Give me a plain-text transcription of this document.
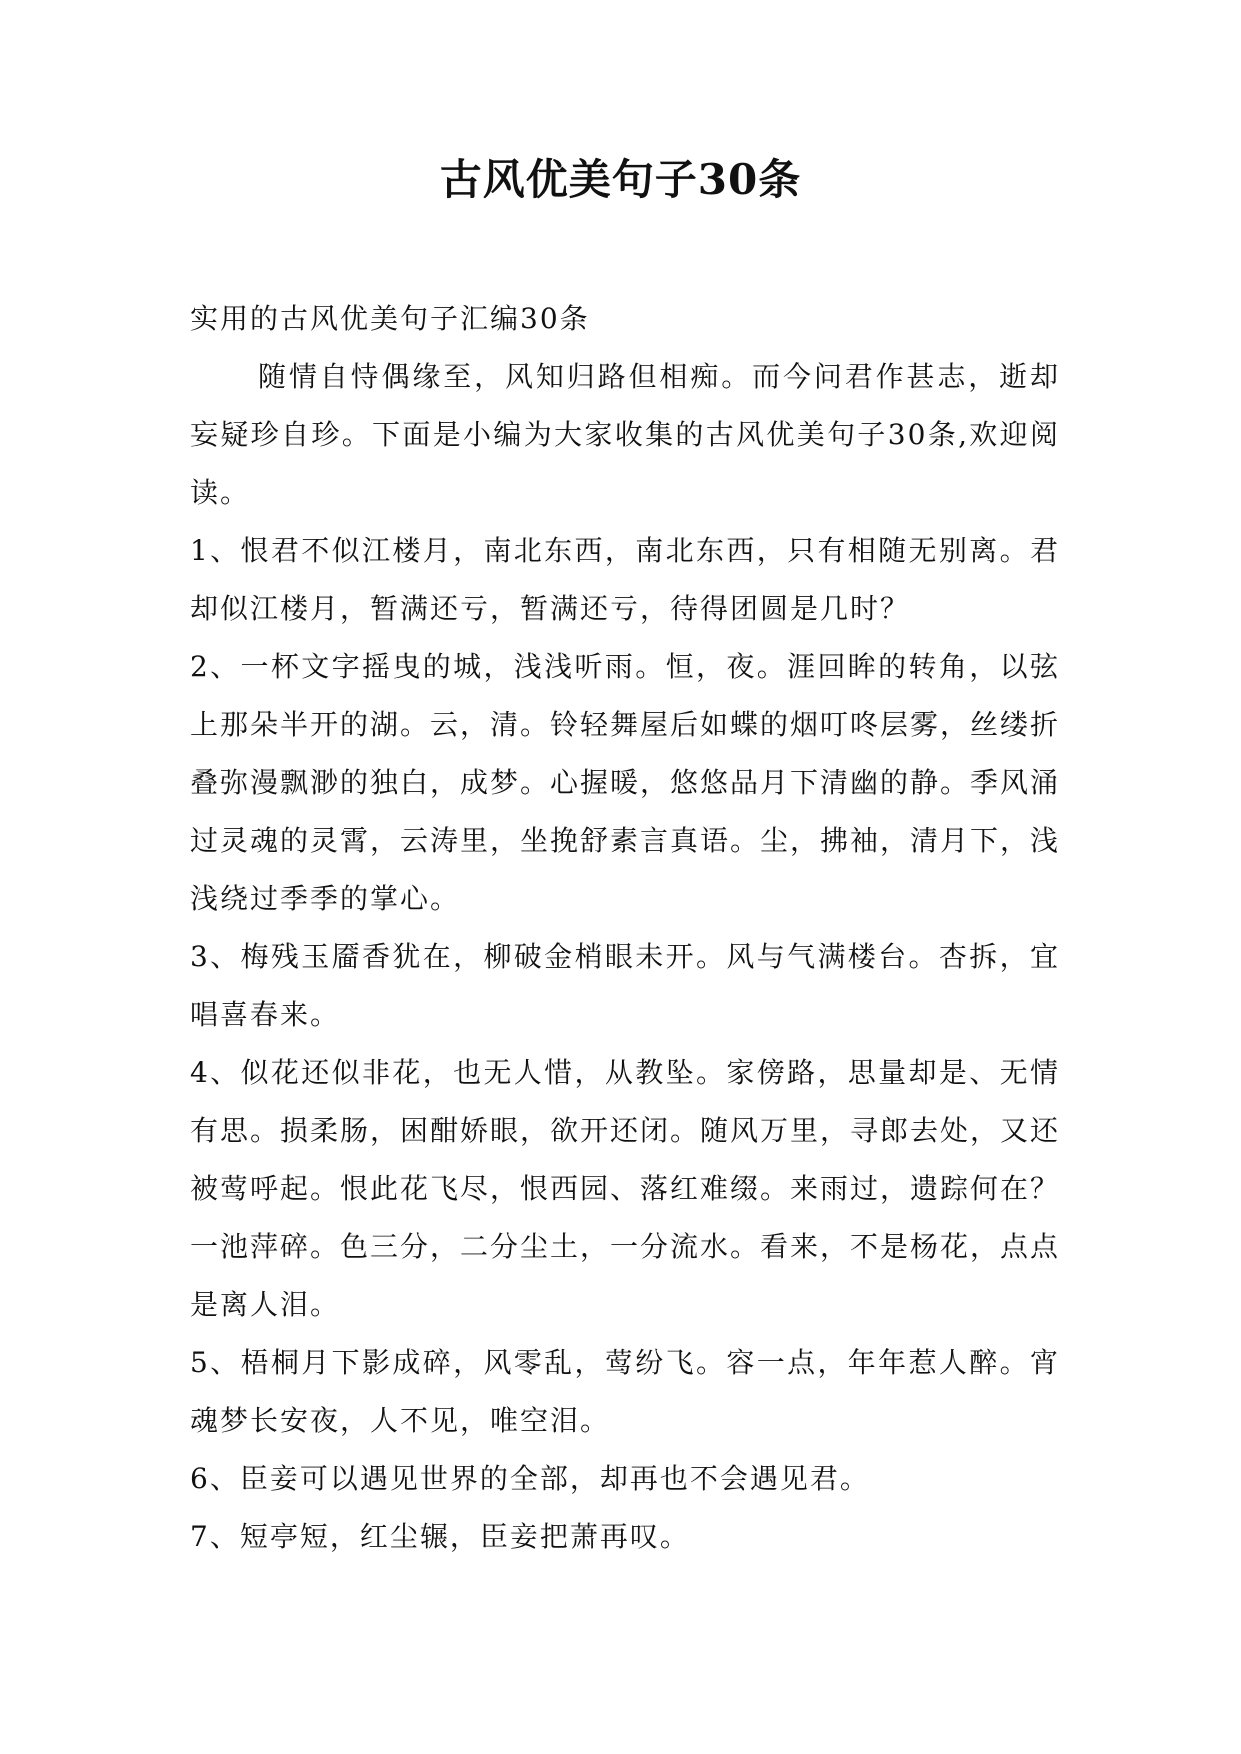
古风优美句子30条

实用的古风优美句子汇编30条

随情自恃偶缘至，风知归路但相痴。而今问君作甚志，逝却妄疑珍自珍。下面是小编为大家收集的古风优美句子30条,欢迎阅读。

1、恨君不似江楼月，南北东西，南北东西，只有相随无别离。君却似江楼月，暂满还亏，暂满还亏，待得团圆是几时？

2、一杯文字摇曳的城，浅浅听雨。恒，夜。涯回眸的转角，以弦上那朵半开的湖。云，清。铃轻舞屋后如蝶的烟叮咚层雾，丝缕折叠弥漫飘渺的独白，成梦。心握暖，悠悠品月下清幽的静。季风涌过灵魂的灵霄，云涛里，坐挽舒素言真语。尘，拂袖，清月下，浅浅绕过季季的掌心。

3、梅残玉靥香犹在，柳破金梢眼未开。风与气满楼台。杏拆，宜唱喜春来。

4、似花还似非花，也无人惜，从教坠。家傍路，思量却是、无情有思。损柔肠，困酣娇眼，欲开还闭。随风万里，寻郎去处，又还被莺呼起。恨此花飞尽，恨西园、落红难缀。来雨过，遗踪何在？一池萍碎。色三分，二分尘土，一分流水。看来，不是杨花，点点是离人泪。

5、梧桐月下影成碎，风零乱，莺纷飞。容一点，年年惹人醉。宵魂梦长安夜，人不见，唯空泪。

6、臣妾可以遇见世界的全部，却再也不会遇见君。

7、短亭短，红尘辗，臣妾把萧再叹。
